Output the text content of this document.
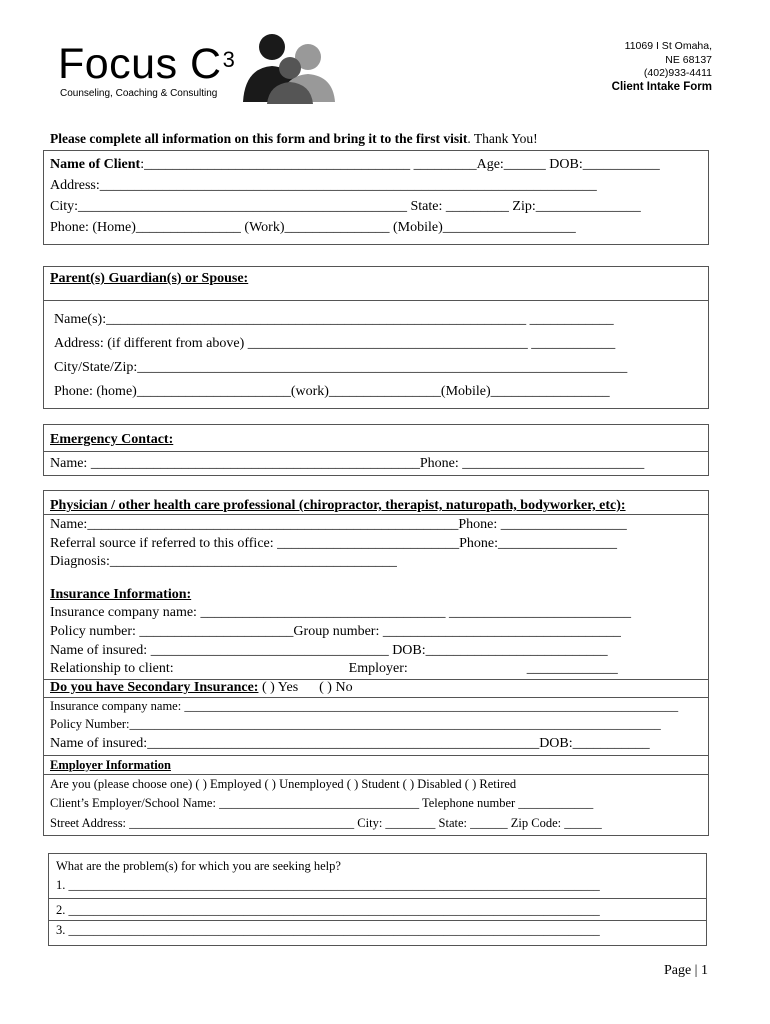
Focus $C^3$
Counseling, Coaching & Consulting
11069 I St Omaha,
NE 68137
(402)933-4411
Client Intake Form
Please complete all information on this form and bring it to the first visit. Thank You!
Name of Client:______________________________________ _________Age:______ DOB:___________
Address:_______________________________________________________________________
City:_______________________________________________ State: _________ Zip:_______________
Phone: (Home)_______________ (Work)_______________ (Mobile)___________________
Parent(s) Guardian(s) or Spouse:
Name(s):____________________________________________________________ ____________
Address: (if different from above) ________________________________________ ____________
City/State/Zip:______________________________________________________________________
Phone: (home)______________________(work)________________(Mobile)_________________
Emergency Contact:
Name: _______________________________________________Phone: __________________________
Physician / other health care professional (chiropractor, therapist, naturopath, bodyworker, etc):
Name:_____________________________________________________Phone: __________________
Referral source if referred to this office: __________________________Phone:_________________
Diagnosis:_________________________________________
Insurance Information:
Insurance company name: ___________________________________ __________________________
Policy number: ______________________Group number: __________________________________
Name of insured: __________________________________ DOB:__________________________
Relationship to client:                                                  Employer:                                  _____________
Do you have Secondary Insurance: ( ) Yes      ( ) No
Insurance company name: _______________________________________________________________________________
Policy Number:_____________________________________________________________________________________
Name of insured:________________________________________________________DOB:___________
Employer Information
Are you (please choose one) ( ) Employed ( ) Unemployed ( ) Student ( ) Disabled ( ) Retired
Client’s Employer/School Name: ________________________________ Telephone number ____________
Street Address: ____________________________________ City: ________ State: ______ Zip Code: ______
What are the problem(s) for which you are seeking help?
1. _____________________________________________________________________________________
2. _____________________________________________________________________________________
3. _____________________________________________________________________________________
Page | 1
